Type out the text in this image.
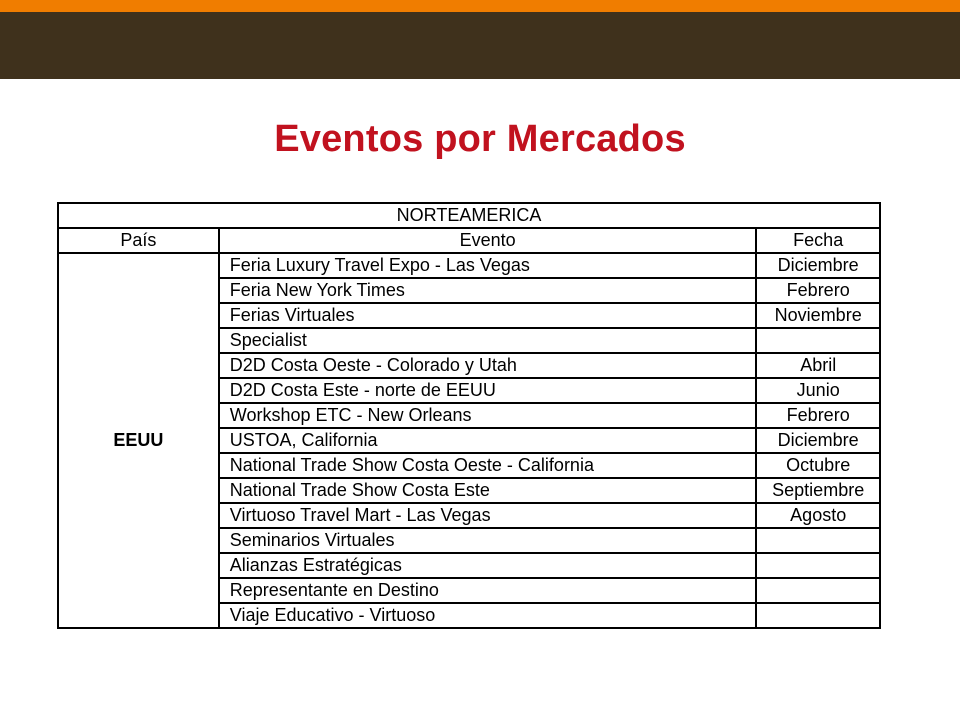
Eventos por Mercados
NORTEAMERICA		
País	Evento	Fecha
EEUU	Feria Luxury Travel Expo - Las Vegas	Diciembre
	Feria New York Times	Febrero
	Ferias Virtuales	Noviembre
	Specialist	
	D2D Costa Oeste - Colorado y Utah	Abril
	D2D Costa Este - norte de EEUU	Junio
	Workshop ETC - New Orleans	Febrero
	USTOA, California	Diciembre
	National Trade Show Costa Oeste - California	Octubre
	National Trade Show Costa Este	Septiembre
	Virtuoso Travel Mart - Las Vegas	Agosto
	Seminarios Virtuales	
	Alianzas Estratégicas	
	Representante en Destino	
	Viaje Educativo - Virtuoso	
